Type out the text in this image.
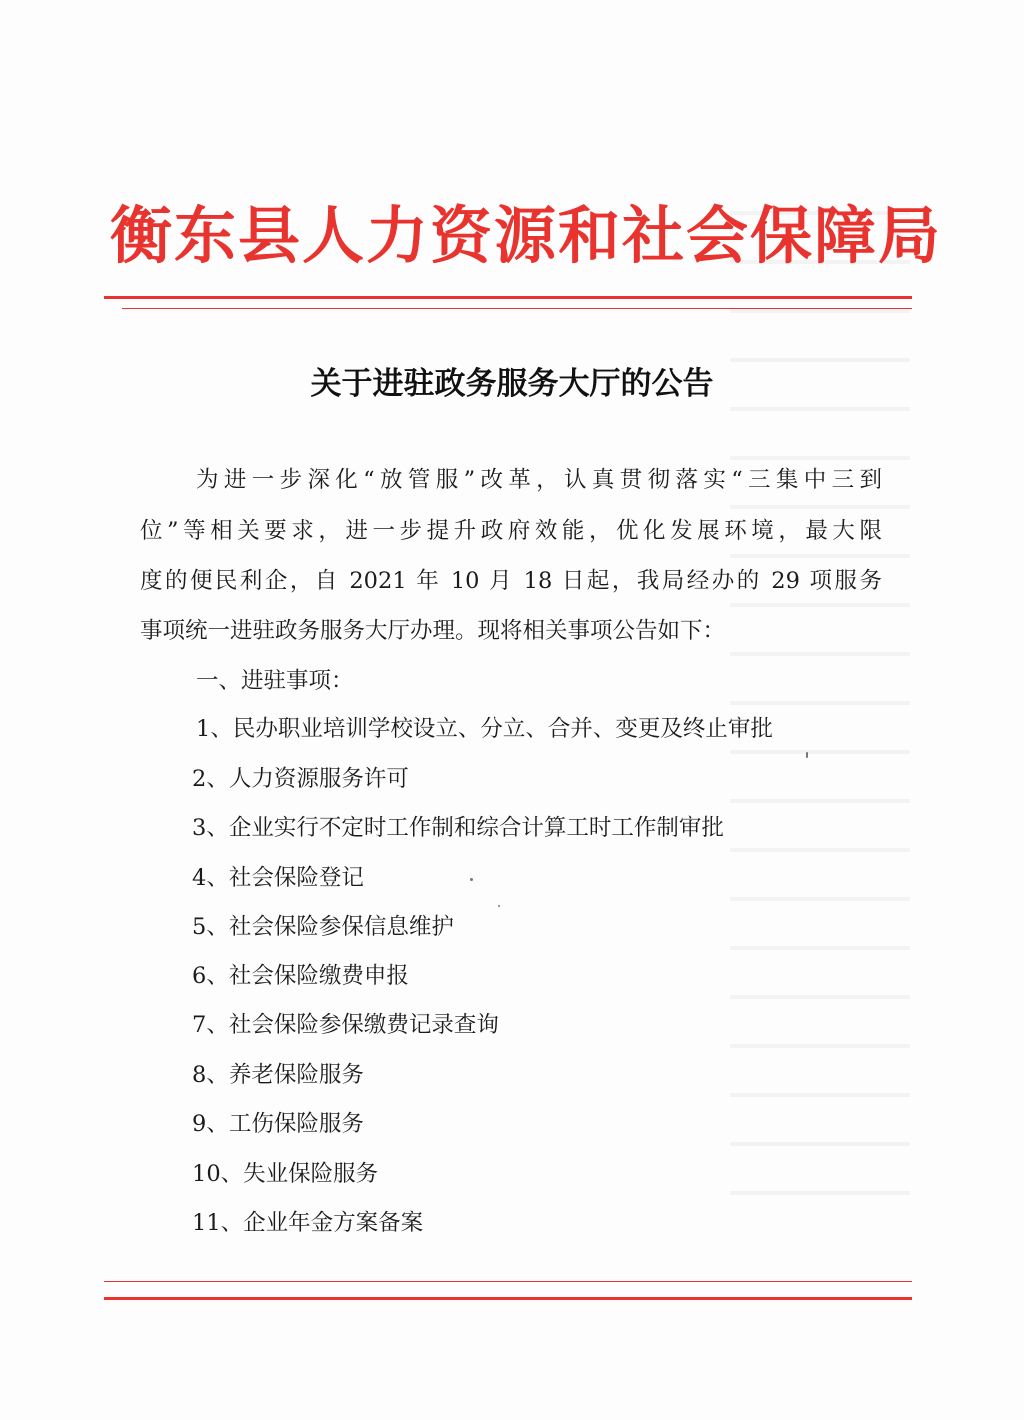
衡东县人力资源和社会保障局
关于进驻政务服务大厅的公告
为进一步深化“放管服”改革，认真贯彻落实“三集中三到
位”等相关要求，进一步提升政府效能，优化发展环境，最大限
度的便民利企，自 2021 年 10 月 18 日起，我局经办的 29 项服务
事项统一进驻政务服务大厅办理。现将相关事项公告如下：
一、进驻事项：
1、民办职业培训学校设立、分立、合并、变更及终止审批
2、人力资源服务许可
3、企业实行不定时工作制和综合计算工时工作制审批
4、社会保险登记
5、社会保险参保信息维护
6、社会保险缴费申报
7、社会保险参保缴费记录查询
8、养老保险服务
9、工伤保险服务
10、失业保险服务
11、企业年金方案备案
